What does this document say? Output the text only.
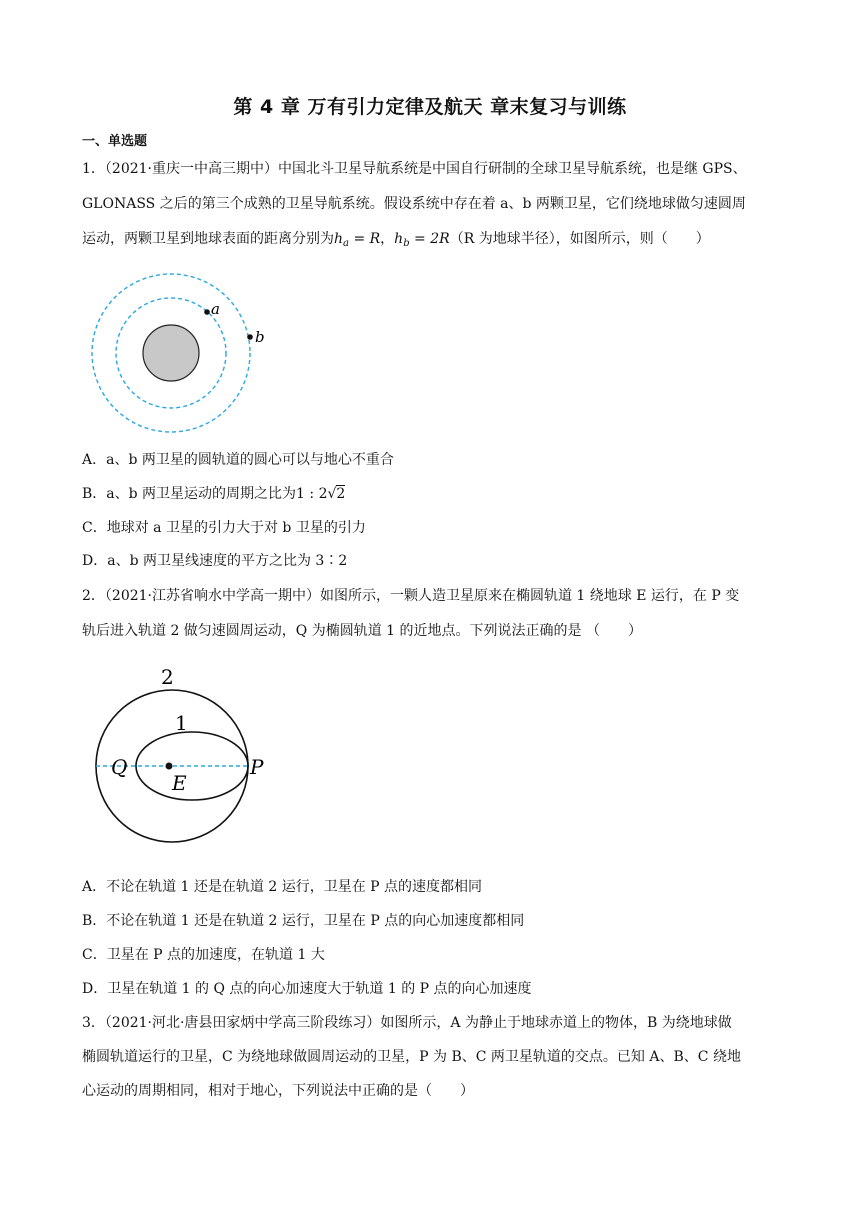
第 4 章 万有引力定律及航天 章末复习与训练
一、单选题
1．（2021·重庆一中高三期中）中国北斗卫星导航系统是中国自行研制的全球卫星导航系统，也是继 GPS、
GLONASS 之后的第三个成熟的卫星导航系统。假设系统中存在着 a、b 两颗卫星，它们绕地球做匀速圆周
运动，两颗卫星到地球表面的距离分别为$h_a = R$，$h_b = 2R(R$ 为地球半径），如图所示，则（　　）
a
b
A．a、b 两卫星的圆轨道的圆心可以与地心不重合
B．a、b 两卫星运动的周期之比为1 : 2√2
C．地球对 a 卫星的引力大于对 b 卫星的引力
D．a、b 两卫星线速度的平方之比为 3∶2
2．（2021·江苏省响水中学高一期中）如图所示，一颗人造卫星原来在椭圆轨道 1 绕地球 E 运行，在 P 变
轨后进入轨道 2 做匀速圆周运动，Q 为椭圆轨道 1 的近地点。下列说法正确的是 （　　）
2
1
Q
E
P
A．不论在轨道 1 还是在轨道 2 运行，卫星在 P 点的速度都相同
B．不论在轨道 1 还是在轨道 2 运行，卫星在 P 点的向心加速度都相同
C．卫星在 P 点的加速度，在轨道 1 大
D．卫星在轨道 1 的 Q 点的向心加速度大于轨道 1 的 P 点的向心加速度
3．（2021·河北·唐县田家炳中学高三阶段练习）如图所示，A 为静止于地球赤道上的物体，B 为绕地球做
椭圆轨道运行的卫星，C 为绕地球做圆周运动的卫星，P 为 B、C 两卫星轨道的交点。已知 A、B、C 绕地
心运动的周期相同，相对于地心，下列说法中正确的是（　　）
